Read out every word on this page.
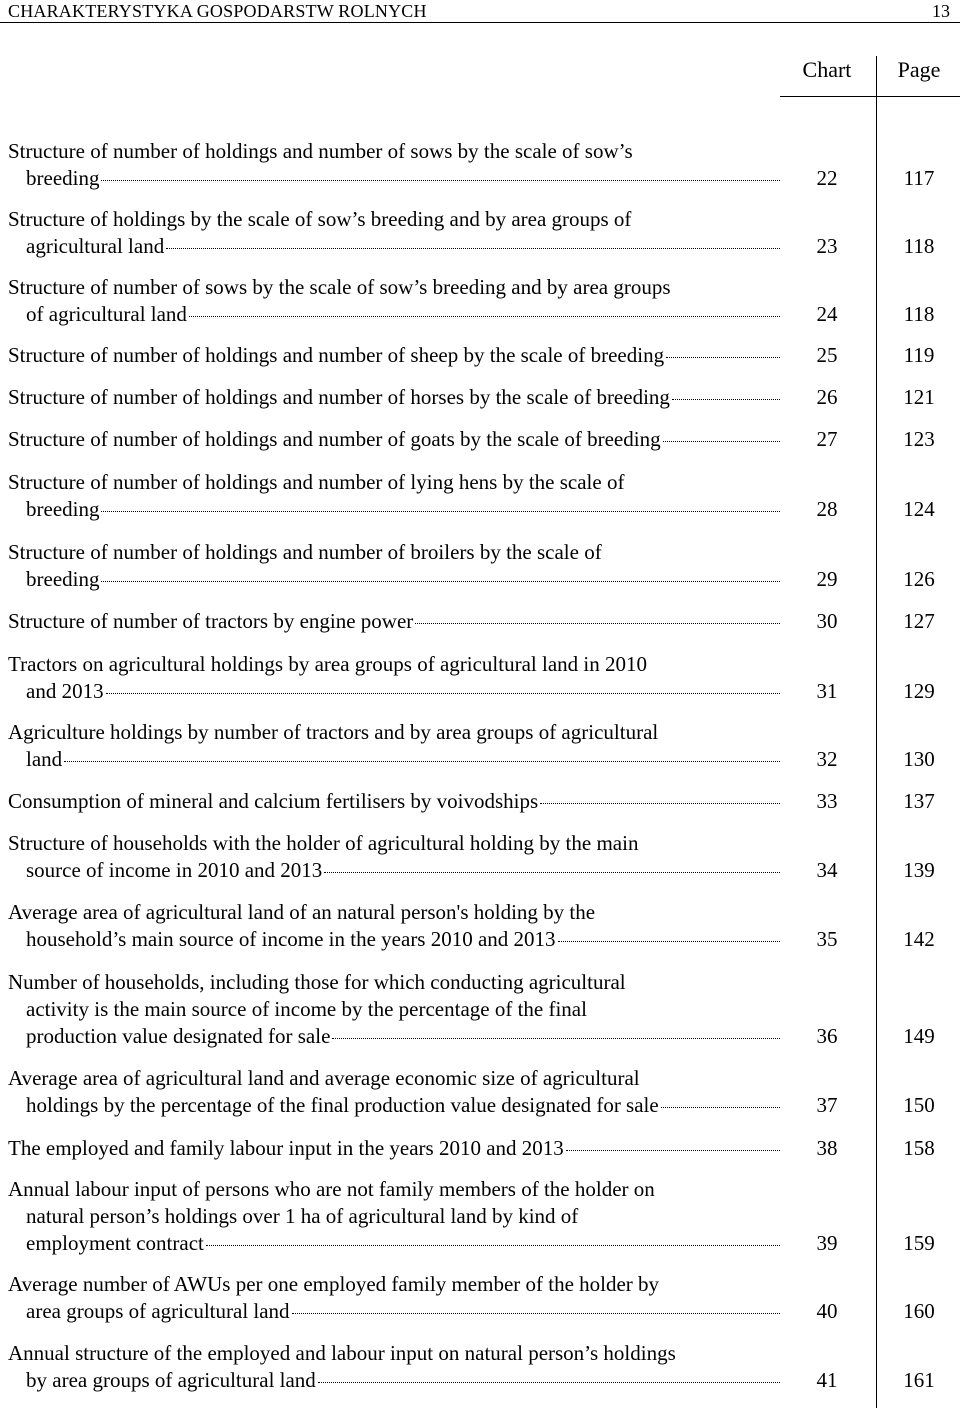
CHARAKTERYSTYKA GOSPODARSTW ROLNYCH	13
Chart	Page
Structure of number of holdings and number of sows by the scale of sow’s
breeding	22	117
Structure of holdings by the scale of sow’s breeding and by area groups of
agricultural land	23	118
Structure of number of sows by the scale of sow’s breeding and by area groups
of agricultural land	24	118
Structure of number of holdings and number of sheep by the scale of breeding	25	119
Structure of number of holdings and number of horses by the scale of breeding	26	121
Structure of number of holdings and number of goats by the scale of breeding	27	123
Structure of number of holdings and number of lying hens by the scale of
breeding	28	124
Structure of number of holdings and number of broilers by the scale of
breeding	29	126
Structure of number of tractors by engine power	30	127
Tractors on agricultural holdings by area groups of agricultural land in 2010
and 2013	31	129
Agriculture holdings by number of tractors and by area groups of agricultural
land	32	130
Consumption of mineral and calcium fertilisers by voivodships	33	137
Structure of households with the holder of agricultural holding by the main
source of income in 2010 and 2013	34	139
Average area of agricultural land of an natural person's holding by the
household’s main source of income in the years 2010 and 2013	35	142
Number of households, including those for which conducting agricultural
activity is the main source of income by the percentage of the final
production value designated for sale	36	149
Average area of agricultural land and average economic size of agricultural
holdings by the percentage of the final production value designated for sale	37	150
The employed and family labour input in the years 2010 and 2013	38	158
Annual labour input of persons who are not family members of the holder on
natural person’s holdings over 1 ha of agricultural land by kind of
employment contract	39	159
Average number of AWUs per one employed family member of the holder by
area groups of agricultural land	40	160
Annual structure of the employed and labour input on natural person’s holdings
by area groups of agricultural land	41	161
